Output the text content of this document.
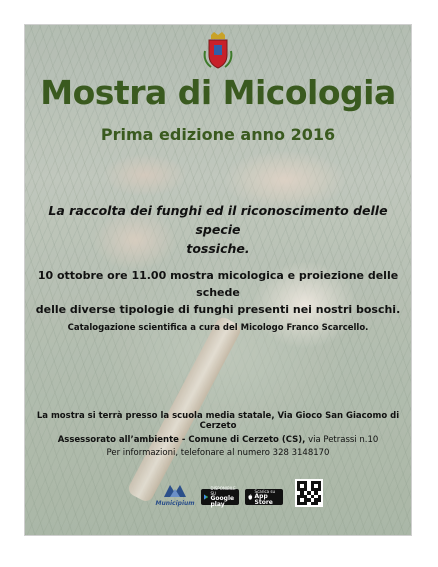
Mostra di Micologia
Prima edizione anno 2016
La raccolta dei funghi ed il riconoscimento delle specie
tossiche.
10 ottobre ore 11.00 mostra micologica e proiezione delle schede
delle diverse tipologie di funghi presenti nei nostri boschi.
Catalogazione scientifica a cura del Micologo Franco Scarcello.
La mostra si terrà presso la scuola media statale, Via Gioco San Giacomo di Cerzeto
Assessorato all’ambiente - Comune di Cerzeto (CS), via Petrassi n.10
Per informazioni, telefonare al numero 328 3148170
Municipium
DISPONIBILE SU
Google play
Scarica su
App Store
